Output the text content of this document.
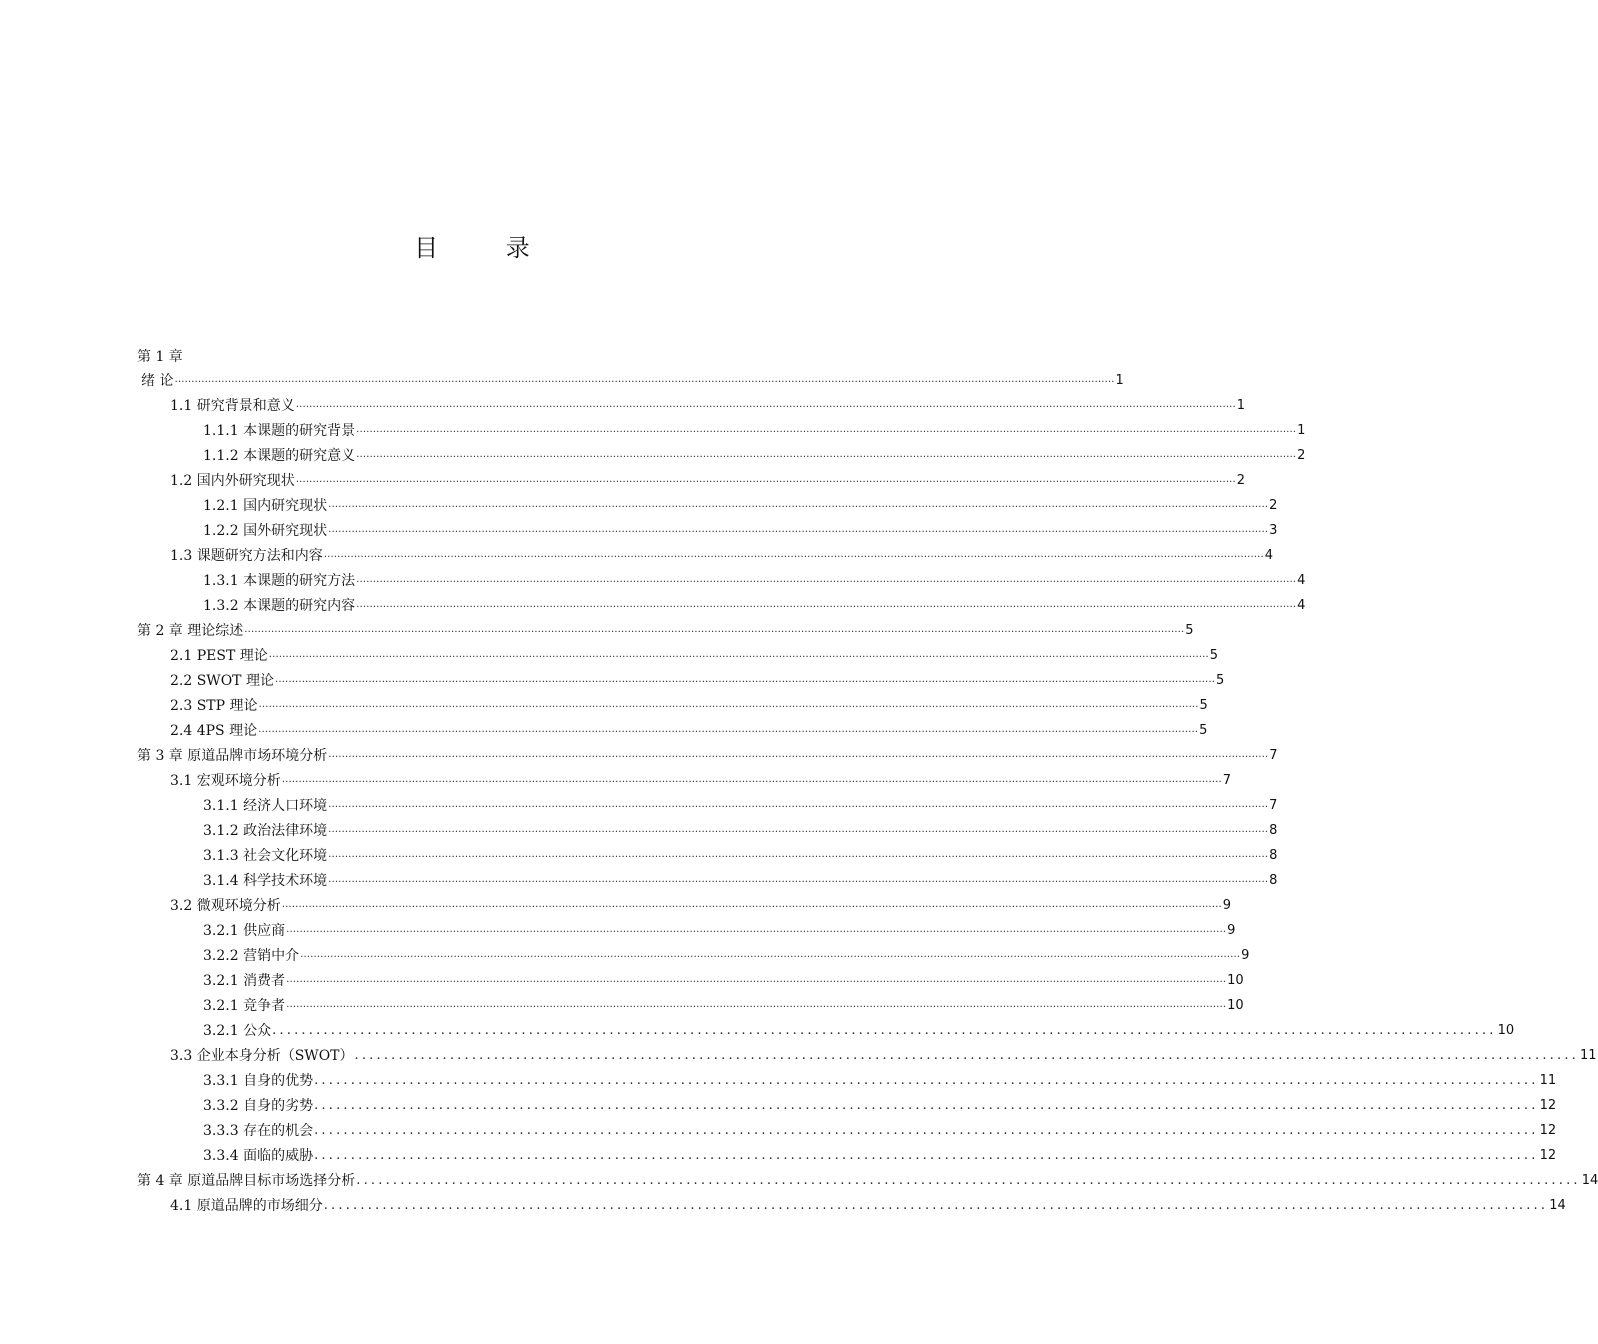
目 录
第 1 章
绪 论 ………………………………………………………………………………………………………………………………………………………………………………………………………………………………………………………… 1
1.1 研究背景和意义 ………………………………………………………………………………………………………………………………………………………………………………………………………………………………………………………… 1
1.1.1 本课题的研究背景 ………………………………………………………………………………………………………………………………………………………………………………………………………………………………………………………… 1
1.1.2 本课题的研究意义 ………………………………………………………………………………………………………………………………………………………………………………………………………………………………………………………… 2
1.2 国内外研究现状 ………………………………………………………………………………………………………………………………………………………………………………………………………………………………………………………… 2
1.2.1 国内研究现状 ………………………………………………………………………………………………………………………………………………………………………………………………………………………………………………………… 2
1.2.2 国外研究现状 ………………………………………………………………………………………………………………………………………………………………………………………………………………………………………………………… 3
1.3 课题研究方法和内容 ………………………………………………………………………………………………………………………………………………………………………………………………………………………………………………………… 4
1.3.1 本课题的研究方法 ………………………………………………………………………………………………………………………………………………………………………………………………………………………………………………………… 4
1.3.2 本课题的研究内容 ………………………………………………………………………………………………………………………………………………………………………………………………………………………………………………………… 4
第 2 章 理论综述 ………………………………………………………………………………………………………………………………………………………………………………………………………………………………………………………… 5
2.1 PEST 理论 ………………………………………………………………………………………………………………………………………………………………………………………………………………………………………………………… 5
2.2 SWOT 理论 ………………………………………………………………………………………………………………………………………………………………………………………………………………………………………………………… 5
2.3 STP 理论 ………………………………………………………………………………………………………………………………………………………………………………………………………………………………………………………… 5
2.4 4PS 理论 ………………………………………………………………………………………………………………………………………………………………………………………………………………………………………………………… 5
第 3 章 原道品牌市场环境分析 ………………………………………………………………………………………………………………………………………………………………………………………………………………………………………………………… 7
3.1 宏观环境分析 ………………………………………………………………………………………………………………………………………………………………………………………………………………………………………………………… 7
3.1.1 经济人口环境 ………………………………………………………………………………………………………………………………………………………………………………………………………………………………………………………… 7
3.1.2 政治法律环境 ………………………………………………………………………………………………………………………………………………………………………………………………………………………………………………………… 8
3.1.3 社会文化环境 ………………………………………………………………………………………………………………………………………………………………………………………………………………………………………………………… 8
3.1.4 科学技术环境 ………………………………………………………………………………………………………………………………………………………………………………………………………………………………………………………… 8
3.2 微观环境分析 ………………………………………………………………………………………………………………………………………………………………………………………………………………………………………………………… 9
3.2.1 供应商 ………………………………………………………………………………………………………………………………………………………………………………………………………………………………………………………… 9
3.2.2 营销中介 ………………………………………………………………………………………………………………………………………………………………………………………………………………………………………………………… 9
3.2.1 消费者 ………………………………………………………………………………………………………………………………………………………………………………………………………………………………………………………… 10
3.2.1 竞争者 ………………………………………………………………………………………………………………………………………………………………………………………………………………………………………………………… 10
3.2.1 公众 ....................................................................................................................................................................... 10
3.3 企业本身分析（SWOT） ....................................................................................................................................................................... 11
3.3.1 自身的优势 ....................................................................................................................................................................... 11
3.3.2 自身的劣势 ....................................................................................................................................................................... 12
3.3.3 存在的机会 ....................................................................................................................................................................... 12
3.3.4 面临的威胁 ....................................................................................................................................................................... 12
第 4 章 原道品牌目标市场选择分析 ....................................................................................................................................................................... 14
4.1 原道品牌的市场细分 ....................................................................................................................................................................... 14
